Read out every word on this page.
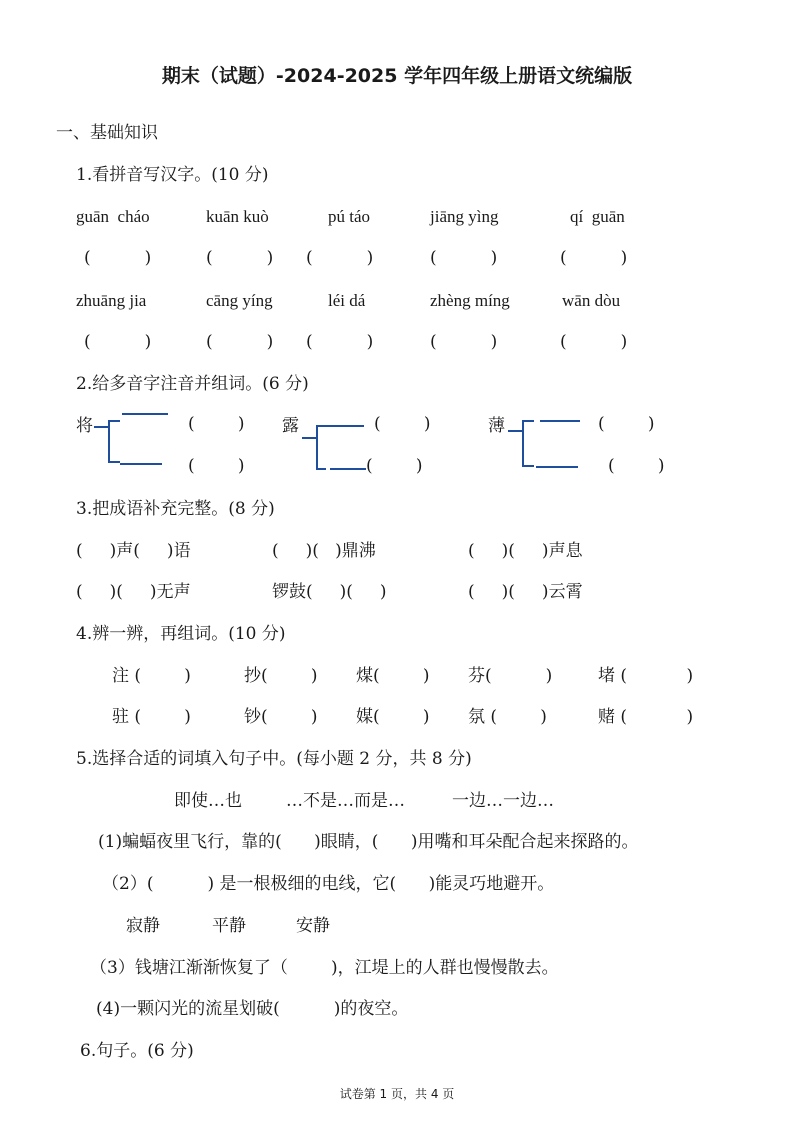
期末（试题）-2024-2025 学年四年级上册语文统编版
一、基础知识
1.看拼音写汉字。(10 分)
guān  cháo	kuān kuò	pú táo	jiāng yìng	qí  guān
(          )	(          ) (          )	(          )	(          )
zhuāng jia	cāng yíng	léi dá	zhèng míng	wān dòu
(          )	(          ) (          )	(          )	(          )
2.给多音字注音并组词。(6 分)
将	(        )
(        )
露	(        )
(        )
薄	(        )
(        )
3.把成语补充完整。(8 分)
(     )声(     )语	(     )(   )鼎沸	(     )(     )声息
(     )(     )无声	锣鼓(     )(     )	(     )(     )云霄
4.辨一辨，再组词。(10 分)
注 (        )	抄(        ) 煤(        ) 芬(          )	堵 (           )
驻 (        )	钞(        ) 媒(        ) 氛 (        )	赌 (           )
5.选择合适的词填入句子中。(每小题 2 分，共 8 分)
即使…也	…不是…而是…	一边…一边…
(1)蝙蝠夜里飞行，靠的(      )眼睛，(      )用嘴和耳朵配合起来探路的。
（2）(          ) 是一根极细的电线，它(      )能灵巧地避开。
寂静	平静	安静
（3）钱塘江渐渐恢复了（        )，江堤上的人群也慢慢散去。
(4)一颗闪光的流星划破(          )的夜空。
6.句子。(6 分)
试卷第 1 页，共 4 页
